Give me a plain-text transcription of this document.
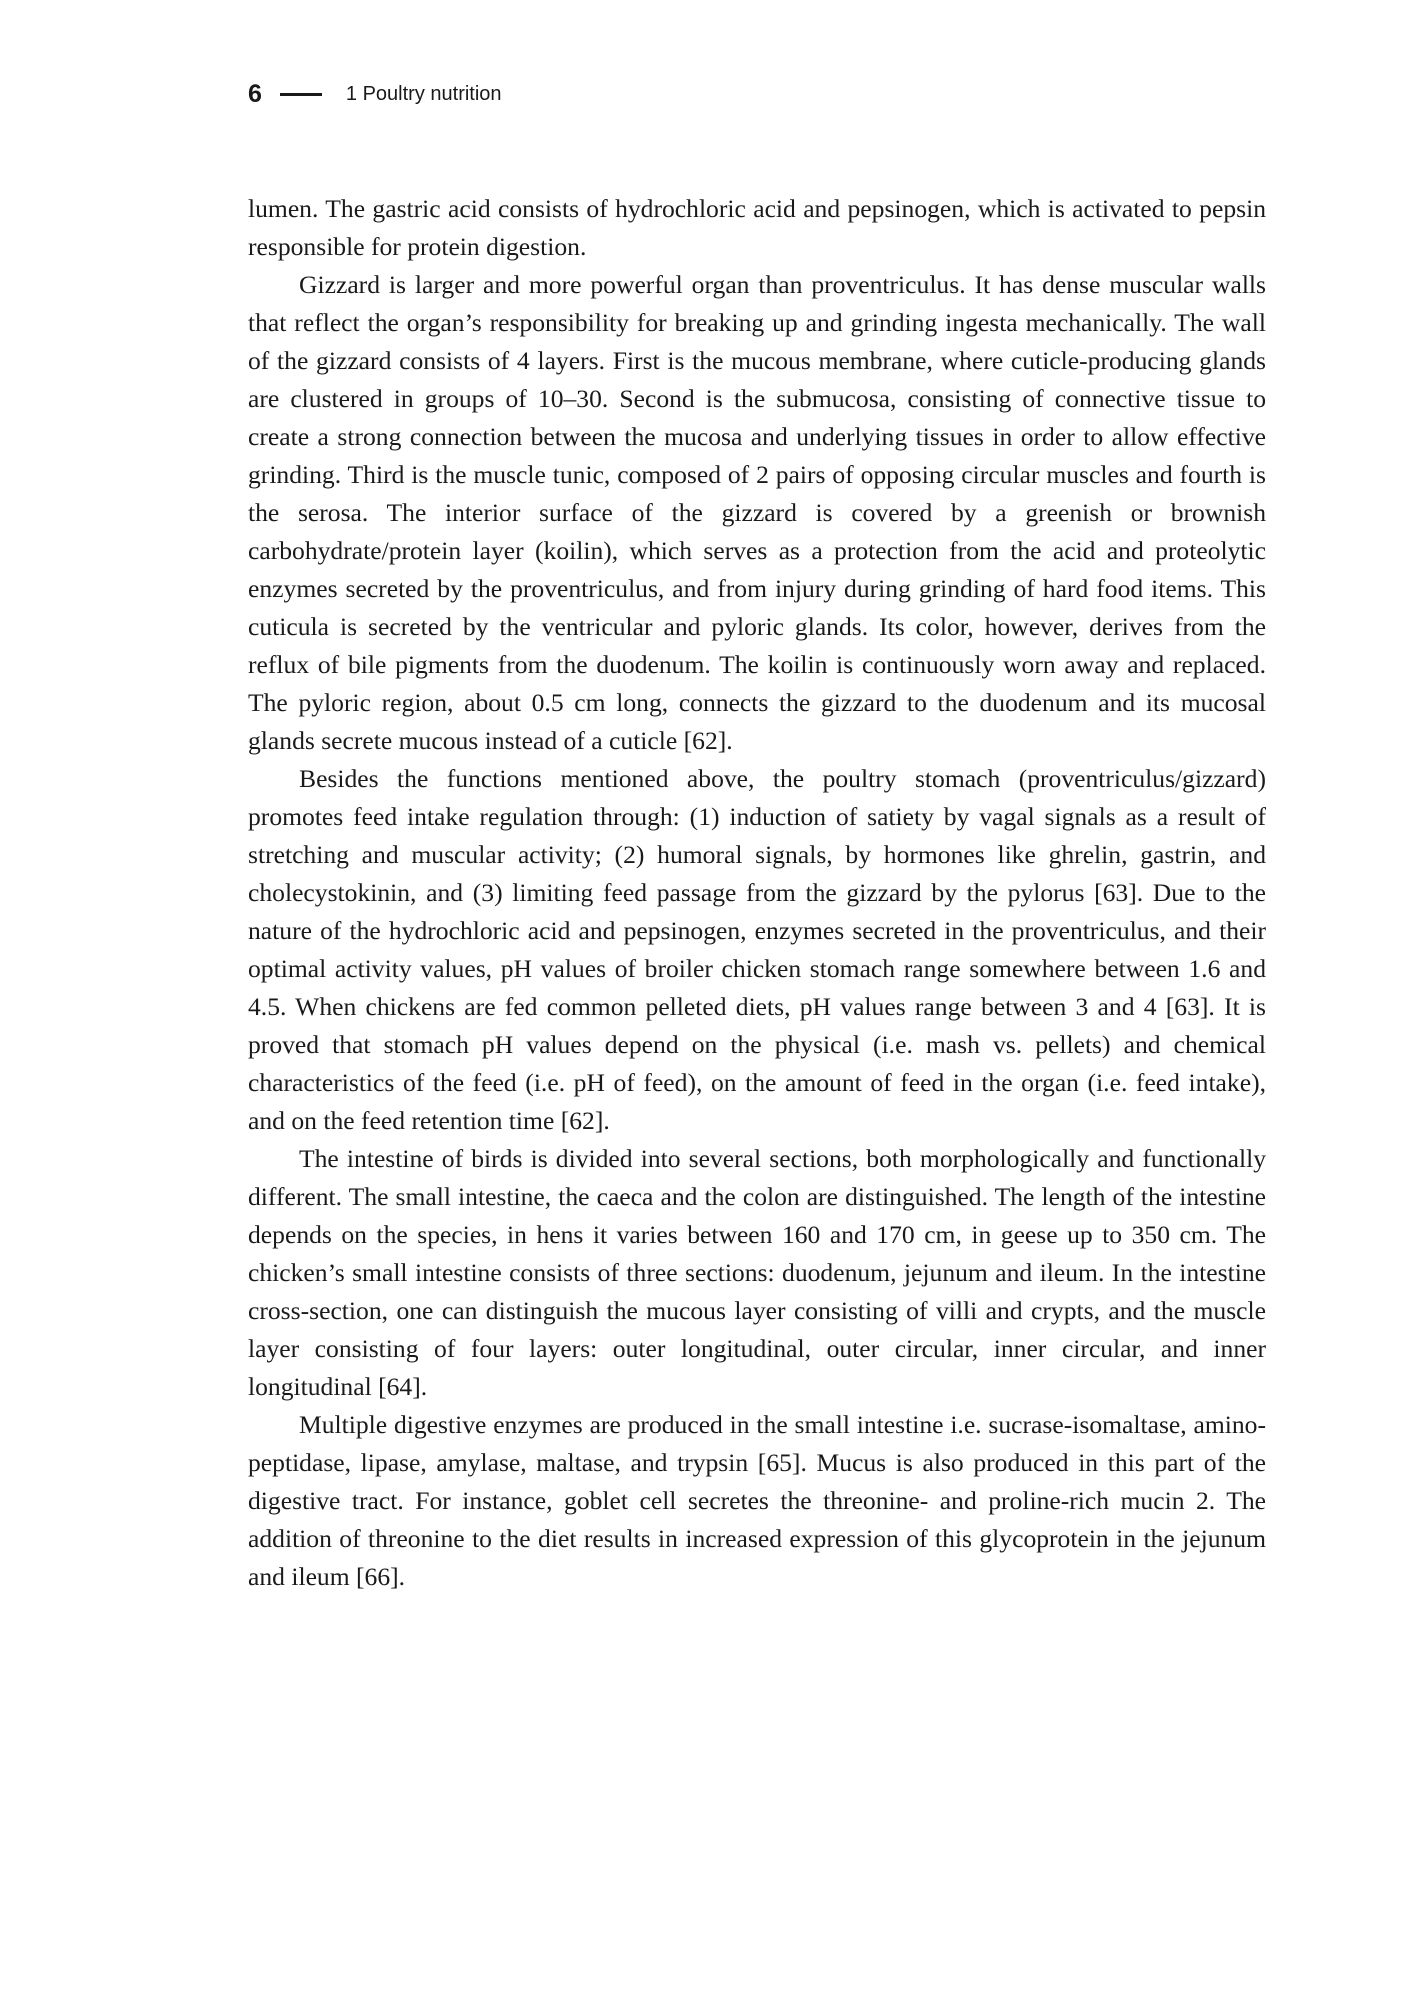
6	1 Poultry nutrition

lumen. The gastric acid consists of hydrochloric acid and pepsinogen, which is activated to pepsin responsible for protein digestion.

Gizzard is larger and more powerful organ than proventriculus. It has dense muscular walls that reflect the organ’s responsibility for breaking up and grinding ingesta mechanically. The wall of the gizzard consists of 4 layers. First is the mucous membrane, where cuticle-producing glands are clustered in groups of 10–30. Second is the submucosa, consisting of connective tissue to create a strong connection between the mucosa and underlying tissues in order to allow effective grinding. Third is the muscle tunic, composed of 2 pairs of opposing circular muscles and fourth is the serosa. The interior surface of the gizzard is covered by a greenish or brownish carbohydrate/protein layer (koilin), which serves as a protection from the acid and proteolytic enzymes secreted by the proventriculus, and from injury during grinding of hard food items. This cuticula is secreted by the ventricular and pyloric glands. Its color, however, derives from the reflux of bile pigments from the duodenum. The koilin is continuously worn away and replaced. The pyloric region, about 0.5 cm long, connects the gizzard to the duodenum and its mucosal glands secrete mucous instead of a cuticle [62].

Besides the functions mentioned above, the poultry stomach (proventriculus/gizzard) promotes feed intake regulation through: (1) induction of satiety by vagal signals as a result of stretching and muscular activity; (2) humoral signals, by hormones like ghrelin, gastrin, and cholecystokinin, and (3) limiting feed passage from the gizzard by the pylorus [63]. Due to the nature of the hydrochloric acid and pepsinogen, enzymes secreted in the proventriculus, and their optimal activity values, pH values of broiler chicken stomach range somewhere between 1.6 and 4.5. When chickens are fed common pelleted diets, pH values range between 3 and 4 [63]. It is proved that stomach pH values depend on the physical (i.e. mash vs. pellets) and chemical characteristics of the feed (i.e. pH of feed), on the amount of feed in the organ (i.e. feed intake), and on the feed retention time [62].

The intestine of birds is divided into several sections, both morphologically and functionally different. The small intestine, the caeca and the colon are distinguished. The length of the intestine depends on the species, in hens it varies between 160 and 170 cm, in geese up to 350 cm. The chicken’s small intestine consists of three sections: duodenum, jejunum and ileum. In the intestine cross-section, one can distinguish the mucous layer consisting of villi and crypts, and the muscle layer consisting of four layers: outer longitudinal, outer circular, inner circular, and inner longitudinal [64].

Multiple digestive enzymes are produced in the small intestine i.e. sucrase-isomaltase, amino-peptidase, lipase, amylase, maltase, and trypsin [65]. Mucus is also produced in this part of the digestive tract. For instance, goblet cell secretes the threonine- and proline-rich mucin 2. The addition of threonine to the diet results in increased expression of this glycoprotein in the jejunum and ileum [66].
